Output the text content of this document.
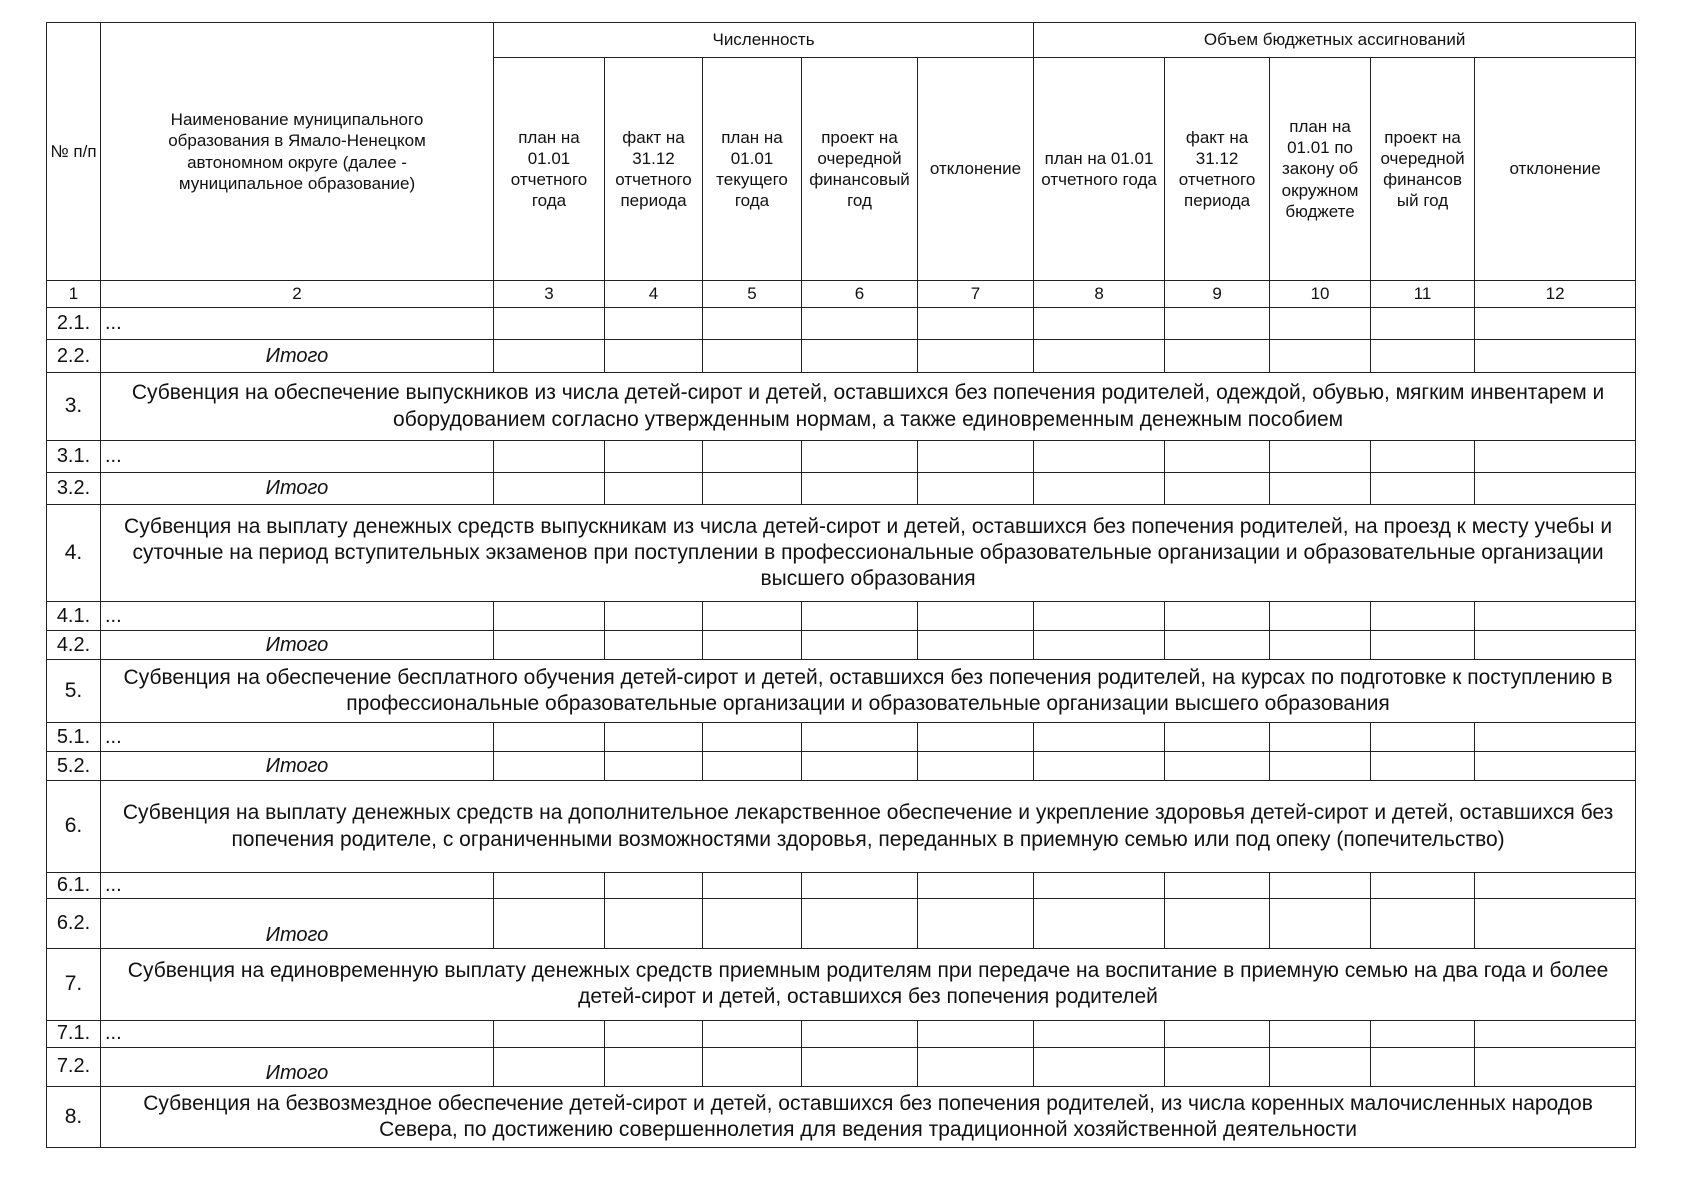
№ п/п	Наименование муниципального образования в Ямало-Ненецком автономном округе (далее - муниципальное образование)	Численность					Объем бюджетных ассигнований				
		план на 01.01 отчетного года	факт на 31.12 отчетного периода	план на 01.01 текущего года	проект на очередной финансовый год	отклонение	план на 01.01 отчетного года	факт на 31.12 отчетного периода	план на 01.01 по закону об окружном бюджете	проект на очередной финансов ый год	отклонение
1	2	3	4	5	6	7	8	9	10	11	12
2.1.	...										
2.2.	Итого										
3.	Субвенция на обеспечение выпускников из числа детей-сирот и детей, оставшихся без попечения родителей, одеждой, обувью, мягким инвентарем и оборудованием согласно утвержденным нормам, а также единовременным денежным пособием										
3.1.	...										
3.2.	Итого										
4.	Субвенция на выплату денежных средств выпускникам из числа детей-сирот и детей, оставшихся без попечения родителей, на проезд к месту учебы и суточные на период вступительных экзаменов при поступлении в профессиональные образовательные организации и образовательные организации высшего образования										
4.1.	...										
4.2.	Итого										
5.	Субвенция на обеспечение бесплатного обучения детей-сирот и детей, оставшихся без попечения родителей, на курсах по подготовке к поступлению в профессиональные образовательные организации и образовательные организации высшего образования										
5.1.	...										
5.2.	Итого										
6.	Субвенция на выплату денежных средств на дополнительное лекарственное обеспечение и укрепление здоровья детей-сирот и детей, оставшихся без попечения родителе, с ограниченными возможностями здоровья, переданных в приемную семью или под опеку (попечительство)										
6.1.	...										
6.2.	Итого										
7.	Субвенция на единовременную выплату денежных средств приемным родителям при передаче на воспитание в приемную семью на два года и более детей-сирот и детей, оставшихся без попечения родителей										
7.1.	...										
7.2.	Итого										
8.	Субвенция на безвозмездное обеспечение детей-сирот и детей, оставшихся без попечения родителей, из числа коренных малочисленных народов Севера, по достижению совершеннолетия для ведения традиционной хозяйственной деятельности										
